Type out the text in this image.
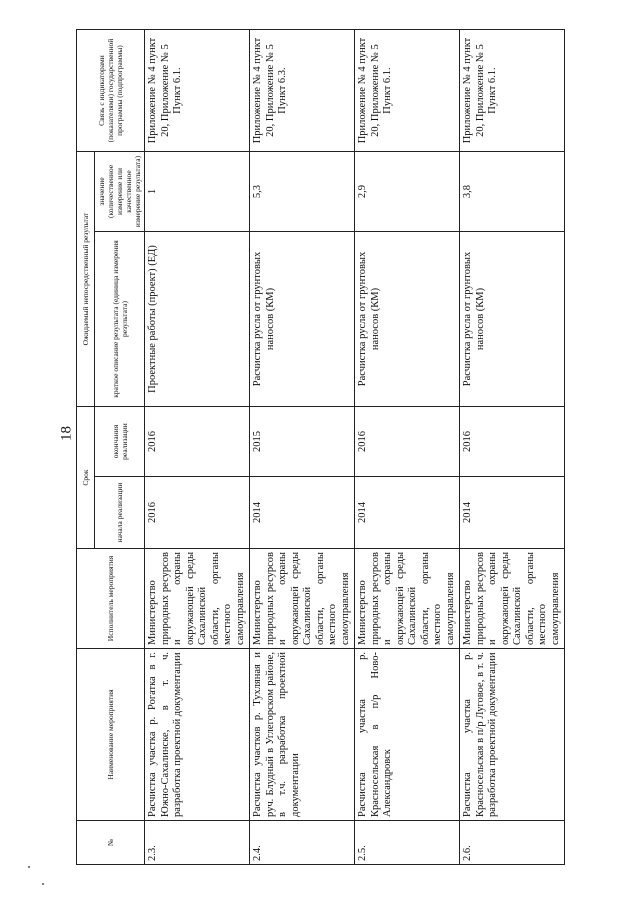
18
№	Наименование мероприятия	Исполнитель мероприятия	Срок		Ожидаемый непосредственный результат		Связь с индикаторами (показателями) государственной программы (подпрограммы)
			начала реализации	окончания реализации	краткое описание результата (единица измерения результата)	значение (количественное измерение или качественное измерение результата)	
2.3.	Расчистка участка р. Рогатка в г. Южно-Сахалинске, в т. ч. разработка проектной документации	Министерство природных ресурсов и охраны окружающей среды Сахалинской области, органы местного самоуправления	2016	2016	Проектные работы (проект) (ЕД)	1	Приложение № 4 пункт 20, Приложение № 5 Пункт 6.1.
2.4.	Расчистка участков р. Тухляная и руч. Блудный в Углегорском районе, в т.ч. разработка проектной документации	Министерство природных ресурсов и охраны окружающей среды Сахалинской области, органы местного самоуправления	2014	2015	Расчистка русла от грунтовых наносов (КМ)	5,3	Приложение № 4 пункт 20, Приложение № 5 Пункт 6.3.
2.5.	Расчистка участка р. Красносельская в п/р Ново-Александровск	Министерство природных ресурсов и охраны окружающей среды Сахалинской области, органы местного самоуправления	2014	2016	Расчистка русла от грунтовых наносов (КМ)	2,9	Приложение № 4 пункт 20, Приложение № 5 Пункт 6.1.
2.6.	Расчистка участка р. Красносельская в п/р Луговое, в т. ч. разработка проектной документации	Министерство природных ресурсов и охраны окружающей среды Сахалинской области, органы местного самоуправления	2014	2016	Расчистка русла от грунтовых наносов (КМ)	3,8	Приложение № 4 пункт 20, Приложение № 5 Пункт 6.1.
